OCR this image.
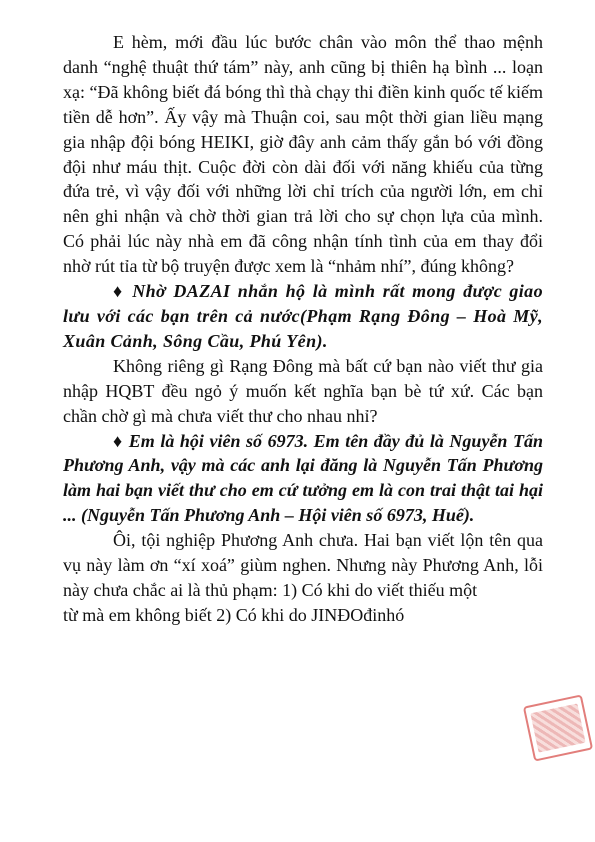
E hèm, mới đầu lúc bước chân vào môn thể thao mệnh danh “nghệ thuật thứ tám” này, anh cũng bị thiên hạ bình ... loạn xạ: “Đã không biết đá bóng thì thà chạy thi điền kinh quốc tế kiếm tiền dễ hơn”. Ấy vậy mà Thuận coi, sau một thời gian liều mạng gia nhập đội bóng HEIKI, giờ đây anh cảm thấy gắn bó với đồng đội như máu thịt. Cuộc đời còn dài đối với năng khiếu của từng đứa trẻ, vì vậy đối với những lời chỉ trích của người lớn, em chỉ nên ghi nhận và chờ thời gian trả lời cho sự chọn lựa của mình. Có phải lúc này nhà em đã công nhận tính tình của em thay đổi nhờ rút tỉa từ bộ truyện được xem là “nhảm nhí”, đúng không?

♦ Nhờ DAZAI nhắn hộ là mình rất mong được giao lưu với các bạn trên cả nước(Phạm Rạng Đông – Hoà Mỹ, Xuân Cảnh, Sông Cầu, Phú Yên).

Không riêng gì Rạng Đông mà bất cứ bạn nào viết thư gia nhập HQBT đều ngỏ ý muốn kết nghĩa bạn bè tứ xứ. Các bạn chần chờ gì mà chưa viết thư cho nhau nhỉ?

♦ Em là hội viên số 6973. Em tên đầy đủ là Nguyễn Tấn Phương Anh, vậy mà các anh lại đăng là Nguyễn Tấn Phương làm hai bạn viết thư cho em cứ tưởng em là con trai thật tai hại ... (Nguyễn Tấn Phương Anh – Hội viên số 6973, Huế).

Ôi, tội nghiệp Phương Anh chưa. Hai bạn viết lộn tên qua vụ này làm ơn “xí xoá” giùm nghen. Nhưng này Phương Anh, lỗi này chưa chắc ai là thủ phạm: 1) Có khi do viết thiếu một

từ mà em không biết 2) Có khi do JINĐOđinhó
